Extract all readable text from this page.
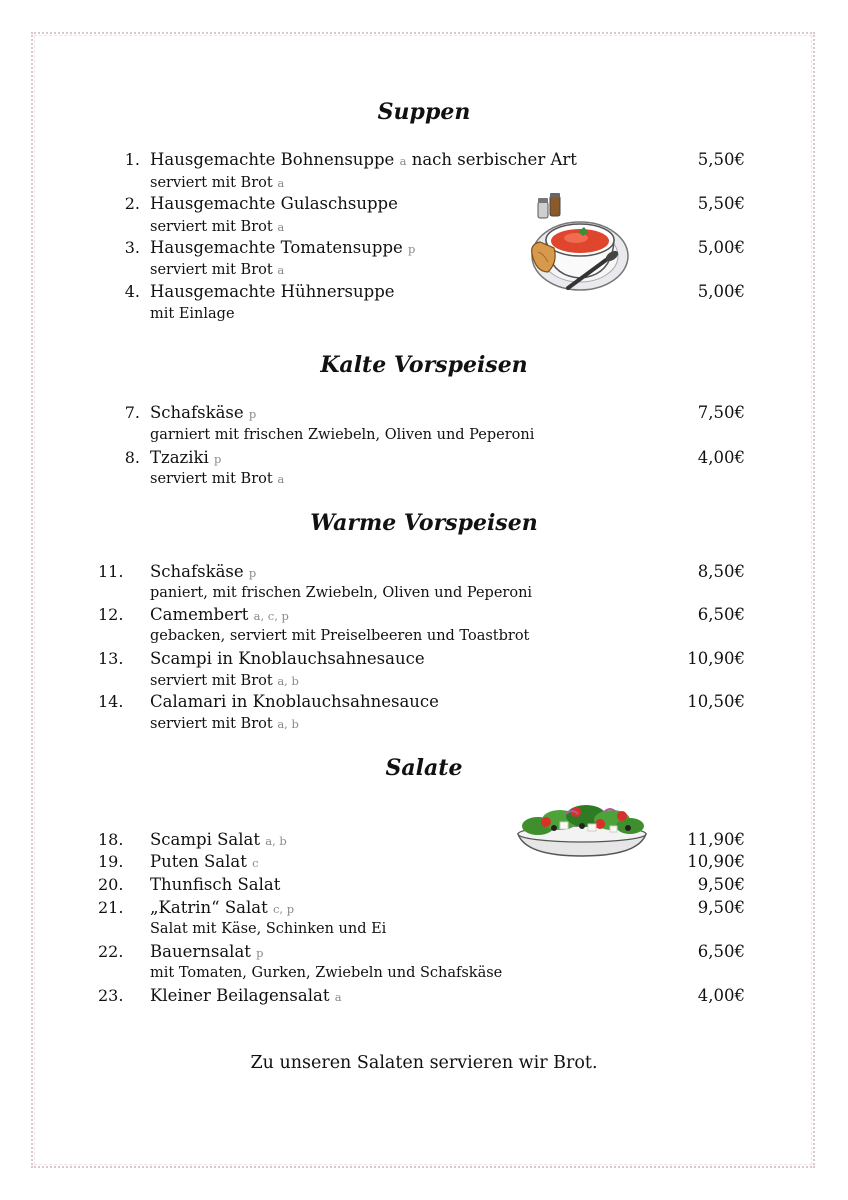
Suppen
1. Hausgemachte Bohnensuppe a nach serbischer Art	5,50€
serviert mit Brot a
2. Hausgemachte Gulaschsuppe	5,50€
serviert mit Brot a
3. Hausgemachte Tomatensuppe p	5,00€
serviert mit Brot a
4. Hausgemachte Hühnersuppe	5,00€
mit Einlage
Kalte Vorspeisen
7. Schafskäse p	7,50€
garniert mit frischen Zwiebeln, Oliven und Peperoni
8. Tzaziki p	4,00€
serviert mit Brot a
Warme Vorspeisen
11. Schafskäse p	8,50€
paniert, mit frischen Zwiebeln, Oliven und Peperoni
12. Camembert a, c, p	6,50€
gebacken, serviert mit Preiselbeeren und Toastbrot
13. Scampi in Knoblauchsahnesauce	10,90€
serviert mit Brot a, b
14. Calamari in Knoblauchsahnesauce	10,50€
serviert mit Brot a, b
Salate
18. Scampi Salat a, b	11,90€
19. Puten Salat c	10,90€
20. Thunfisch Salat	9,50€
21. „Katrin“ Salat c, p	9,50€
Salat mit Käse, Schinken und Ei
22. Bauernsalat p	6,50€
mit Tomaten, Gurken, Zwiebeln und Schafskäse
23. Kleiner Beilagensalat a	4,00€
Zu unseren Salaten servieren wir Brot.
